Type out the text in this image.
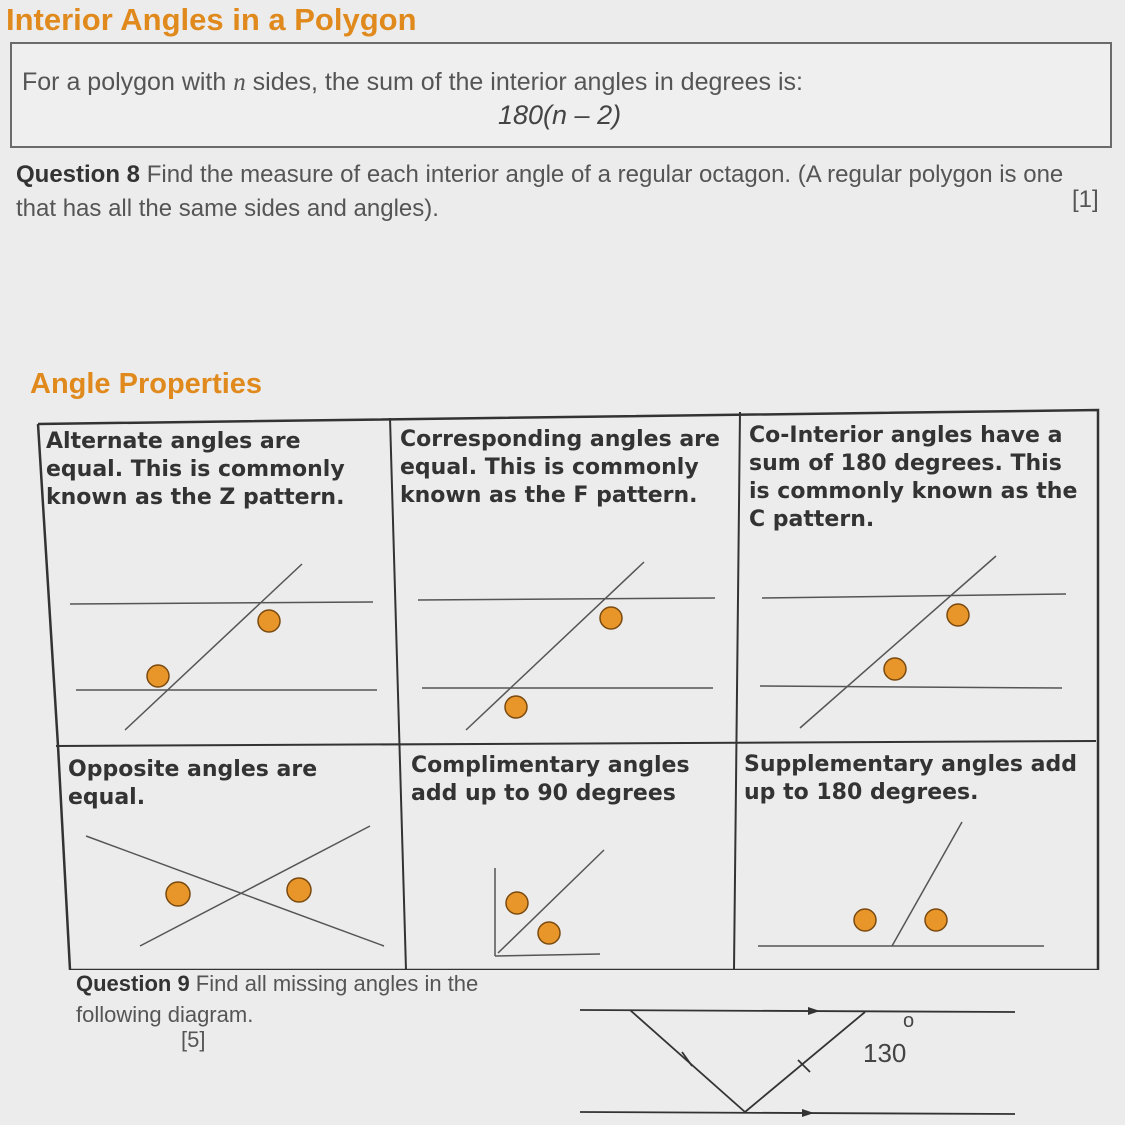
Interior Angles in a Polygon
For a polygon with n sides, the sum of the interior angles in degrees is:
180(n – 2)
Question 8 Find the measure of each interior angle of a regular octagon. (A regular polygon is one that has all the same sides and angles).	[1]
Angle Properties
Alternate angles are equal. This is commonly known as the Z pattern.
Corresponding angles are equal. This is commonly known as the F pattern.
Co-Interior angles have a sum of 180 degrees. This is commonly known as the C pattern.
Opposite angles are equal.
Complimentary angles add up to 90 degrees
Supplementary angles add up to 180 degrees.
Question 9 Find all missing angles in the following diagram.
[5]
o
130
